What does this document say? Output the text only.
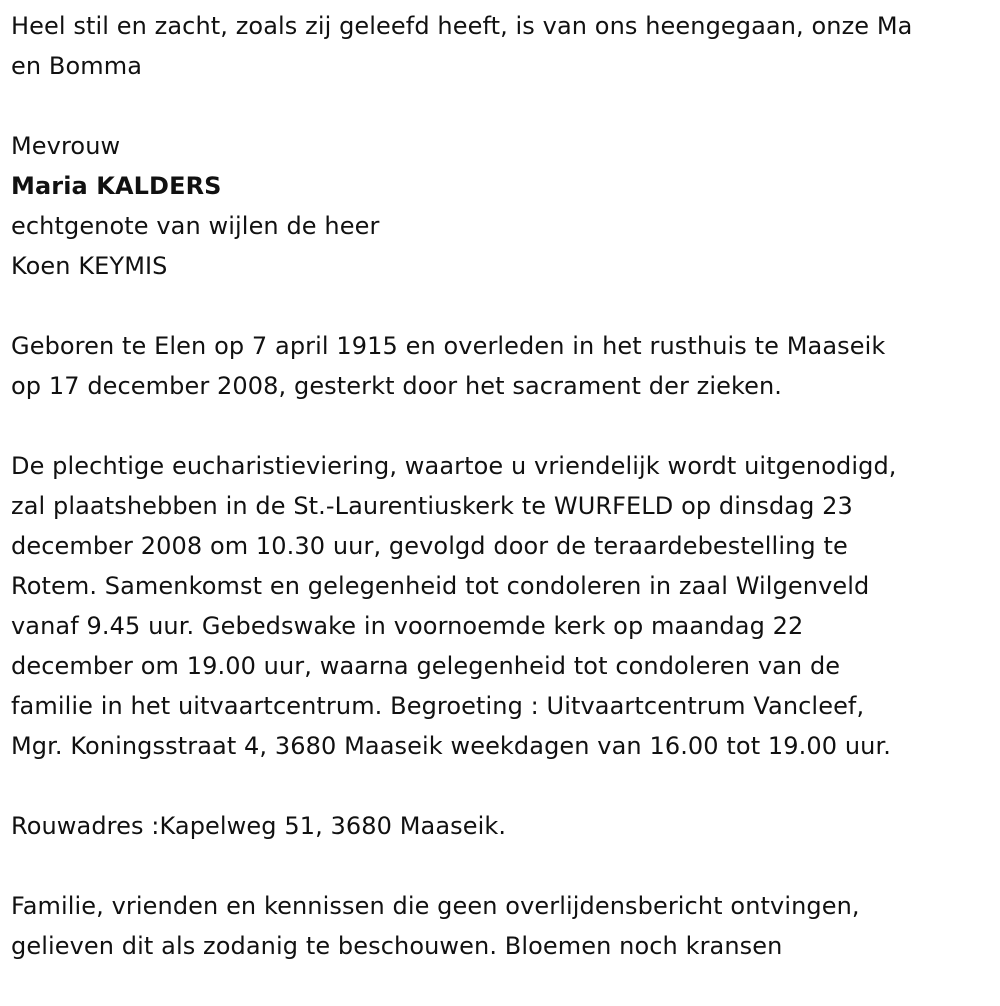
Heel stil en zacht, zoals zij geleefd heeft, is van ons heengegaan, onze Ma
en Bomma
Mevrouw
Maria KALDERS
echtgenote van wijlen de heer
Koen KEYMIS
Geboren te Elen op 7 april 1915 en overleden in het rusthuis te Maaseik
op 17 december 2008, gesterkt door het sacrament der zieken.
De plechtige eucharistieviering, waartoe u vriendelijk wordt uitgenodigd,
zal plaatshebben in de St.-Laurentiuskerk te WURFELD op dinsdag 23
december 2008 om 10.30 uur, gevolgd door de teraardebestelling te
Rotem. Samenkomst en gelegenheid tot condoleren in zaal Wilgenveld
vanaf 9.45 uur. Gebedswake in voornoemde kerk op maandag 22
december om 19.00 uur, waarna gelegenheid tot condoleren van de
familie in het uitvaartcentrum. Begroeting : Uitvaartcentrum Vancleef,
Mgr. Koningsstraat 4, 3680 Maaseik weekdagen van 16.00 tot 19.00 uur.
Rouwadres :Kapelweg 51, 3680 Maaseik.
Familie, vrienden en kennissen die geen overlijdensbericht ontvingen,
gelieven dit als zodanig te beschouwen. Bloemen noch kransen
